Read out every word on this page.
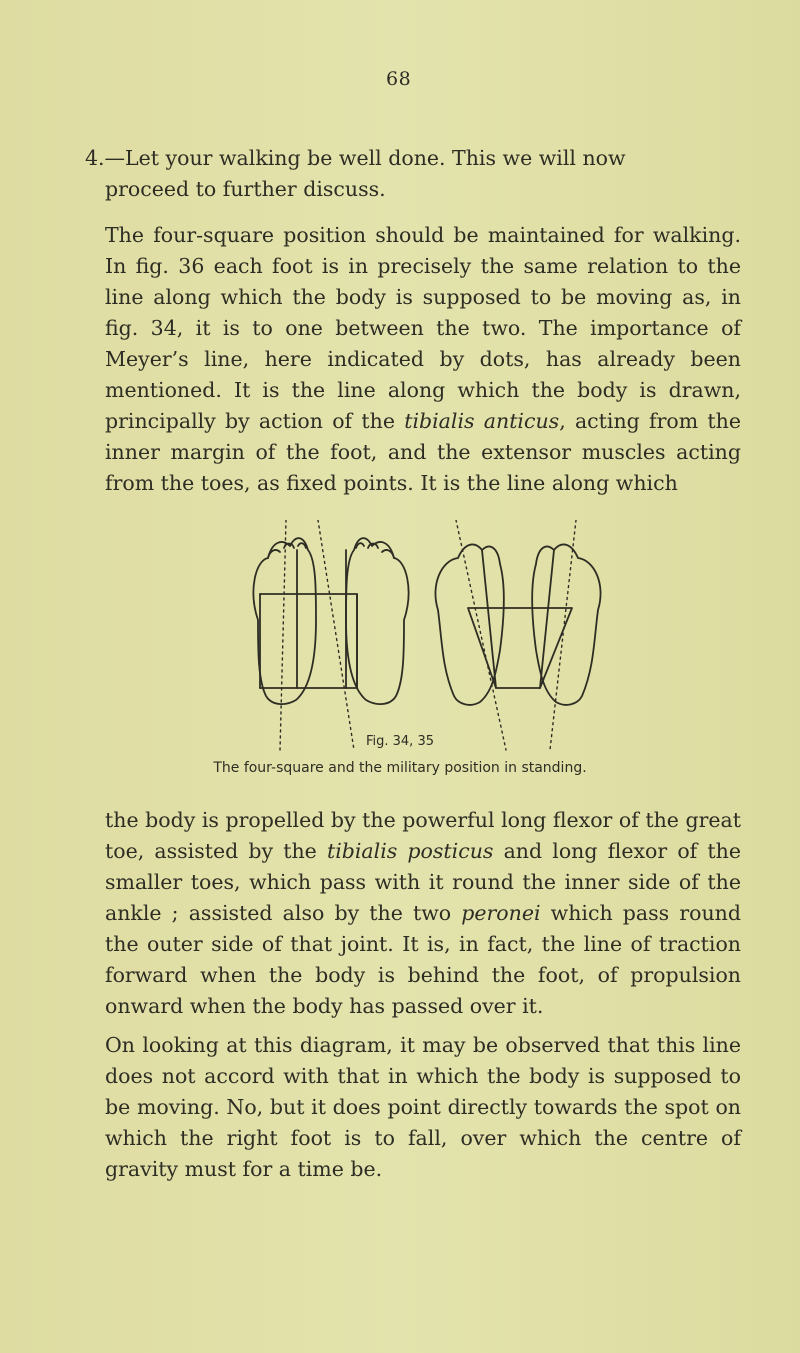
68

4.—Let your walking be well done. This we will now
proceed to further discuss.

The four-square position should be maintained for walking. In fig. 36 each foot is in precisely the same relation to the line along which the body is supposed to be moving as, in fig. 34, it is to one between the two. The importance of Meyer’s line, here indicated by dots, has already been mentioned. It is the line along which the body is drawn, principally by action of the tibialis anticus, acting from the inner margin of the foot, and the extensor muscles acting from the toes, as fixed points. It is the line along which

Fig. 34, 35
The four-square and the military position in standing.

the body is propelled by the powerful long flexor of the great toe, assisted by the tibialis posticus and long flexor of the smaller toes, which pass with it round the inner side of the ankle ; assisted also by the two peronei which pass round the outer side of that joint. It is, in fact, the line of traction forward when the body is behind the foot, of propulsion onward when the body has passed over it.

On looking at this diagram, it may be observed that this line does not accord with that in which the body is supposed to be moving. No, but it does point directly towards the spot on which the right foot is to fall, over which the centre of gravity must for a time be.
